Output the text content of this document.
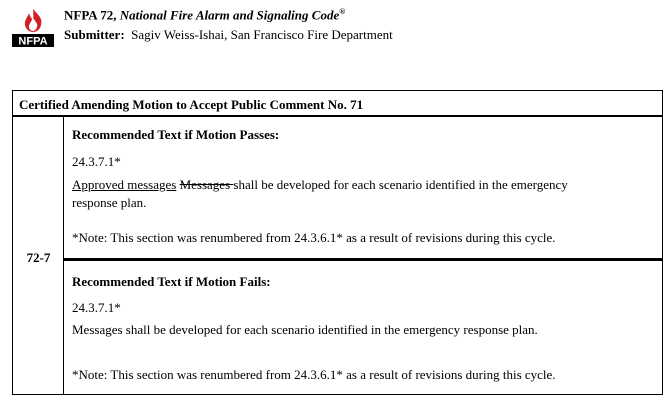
NFPA
NFPA 72, National Fire Alarm and Signaling Code®
Submitter: Sagiv Weiss-Ishai, San Francisco Fire Department
Certified Amending Motion to Accept Public Comment No. 71
72-7
Recommended Text if Motion Passes:
24.3.7.1*
Approved messages Messages shall be developed for each scenario identified in the emergency response plan.
*Note: This section was renumbered from 24.3.6.1* as a result of revisions during this cycle.
Recommended Text if Motion Fails:
24.3.7.1*
Messages shall be developed for each scenario identified in the emergency response plan.
*Note: This section was renumbered from 24.3.6.1* as a result of revisions during this cycle.
